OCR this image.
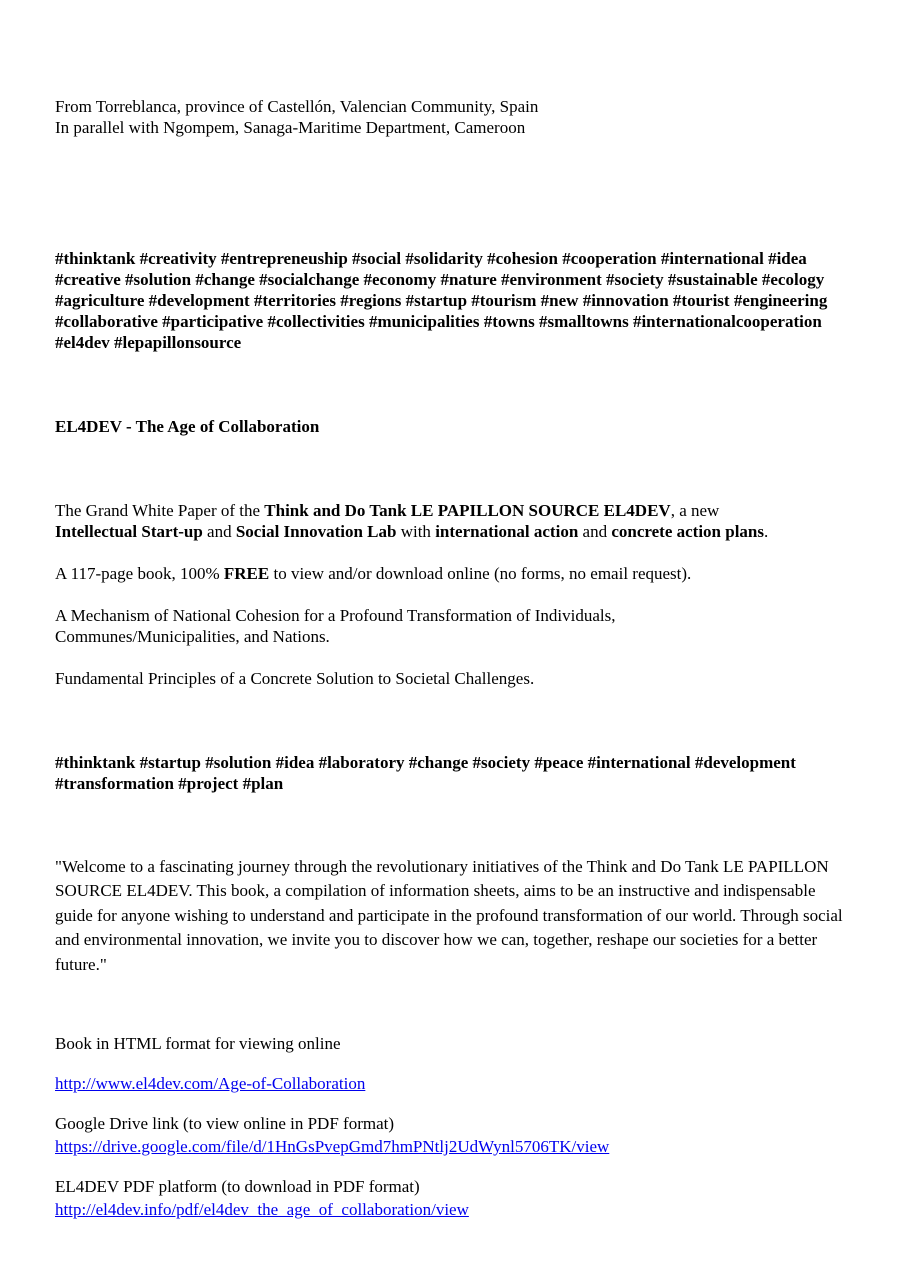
From Torreblanca, province of Castellón, Valencian Community, Spain

In parallel with Ngompem, Sanaga-Maritime Department, Cameroon

#thinktank #creativity #entrepreneuship #social #solidarity #cohesion #cooperation #international #idea #creative #solution #change #socialchange #economy #nature #environment #society #sustainable #ecology #agriculture #development #territories #regions #startup #tourism #new #innovation #tourist #engineering #collaborative #participative #collectivities #municipalities #towns #smalltowns #internationalcooperation #el4dev #lepapillonsource

EL4DEV - The Age of Collaboration

The Grand White Paper of the Think and Do Tank LE PAPILLON SOURCE EL4DEV, a new
Intellectual Start-up and Social Innovation Lab with international action and concrete action plans.

A 117-page book, 100% FREE to view and/or download online (no forms, no email request).

A Mechanism of National Cohesion for a Profound Transformation of Individuals, Communes/Municipalities, and Nations.

Fundamental Principles of a Concrete Solution to Societal Challenges.

#thinktank #startup #solution #idea #laboratory #change #society #peace #international #development #transformation #project #plan

"Welcome to a fascinating journey through the revolutionary initiatives of the Think and Do Tank LE PAPILLON SOURCE EL4DEV. This book, a compilation of information sheets, aims to be an instructive and indispensable guide for anyone wishing to understand and participate in the profound transformation of our world. Through social and environmental innovation, we invite you to discover how we can, together, reshape our societies for a better future."

Book in HTML format for viewing online

http://www.el4dev.com/Age-of-Collaboration

Google Drive link (to view online in PDF format)

https://drive.google.com/file/d/1HnGsPvepGmd7hmPNtlj2UdWynl5706TK/view

EL4DEV PDF platform (to download in PDF format)

http://el4dev.info/pdf/el4dev_the_age_of_collaboration/view
